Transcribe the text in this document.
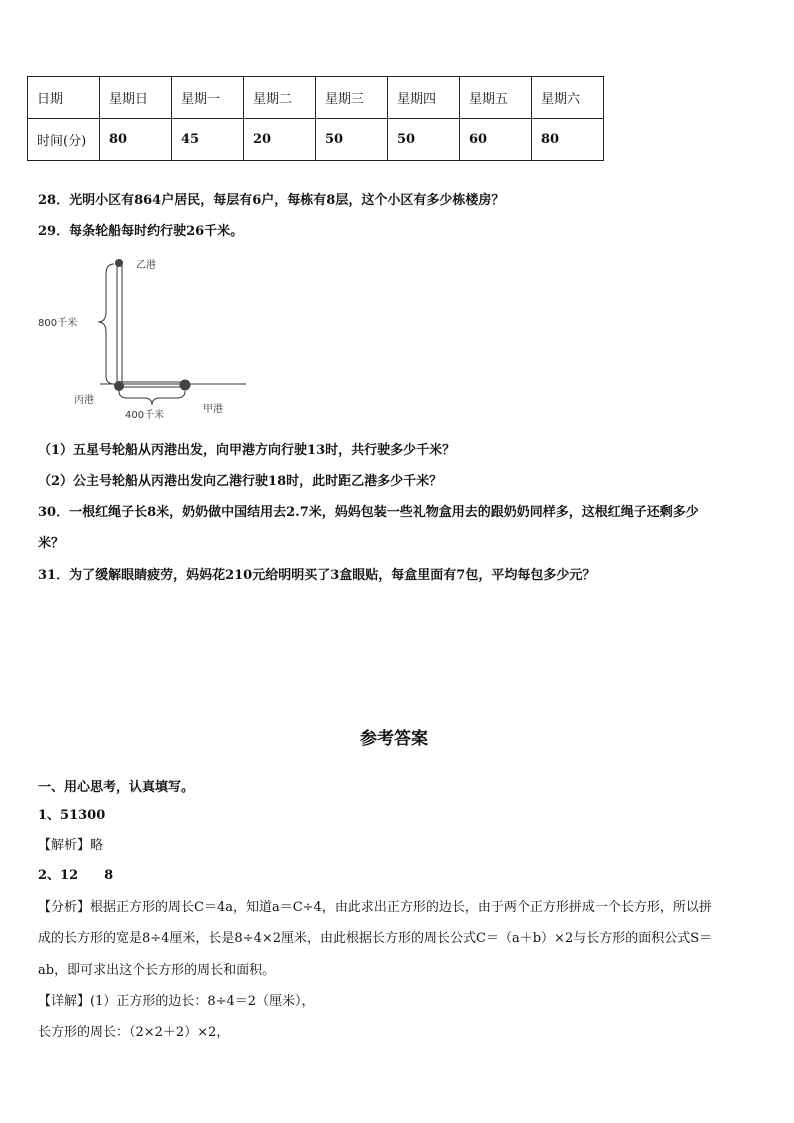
日期	星期日	星期一	星期二	星期三	星期四	星期五	星期六
时间(分)	80	45	20	50	50	60	80
28．光明小区有864户居民，每层有6户，每栋有8层，这个小区有多少栋楼房？
29．每条轮船每时约行驶26千米。
乙港
800千米
丙港
甲港
400千米
（1）五星号轮船从丙港出发，向甲港方向行驶13时，共行驶多少千米？
（2）公主号轮船从丙港出发向乙港行驶18时，此时距乙港多少千米？
30．一根红绳子长8米，奶奶做中国结用去2.7米，妈妈包装一些礼物盒用去的跟奶奶同样多，这根红绳子还剩多少
米？
31．为了缓解眼睛疲劳，妈妈花210元给明明买了3盒眼贴，每盒里面有7包，平均每包多少元？
参考答案
一、用心思考，认真填写。
1、51300
【解析】略
2、12　　8
【分析】根据正方形的周长C＝4a，知道a＝C÷4，由此求出正方形的边长，由于两个正方形拼成一个长方形，所以拼
成的长方形的宽是8÷4厘米，长是8÷4×2厘米，由此根据长方形的周长公式C＝（a＋b）×2与长方形的面积公式S＝
ab，即可求出这个长方形的周长和面积。
【详解】(1）正方形的边长：8÷4＝2（厘米），
长方形的周长：（2×2＋2）×2，
